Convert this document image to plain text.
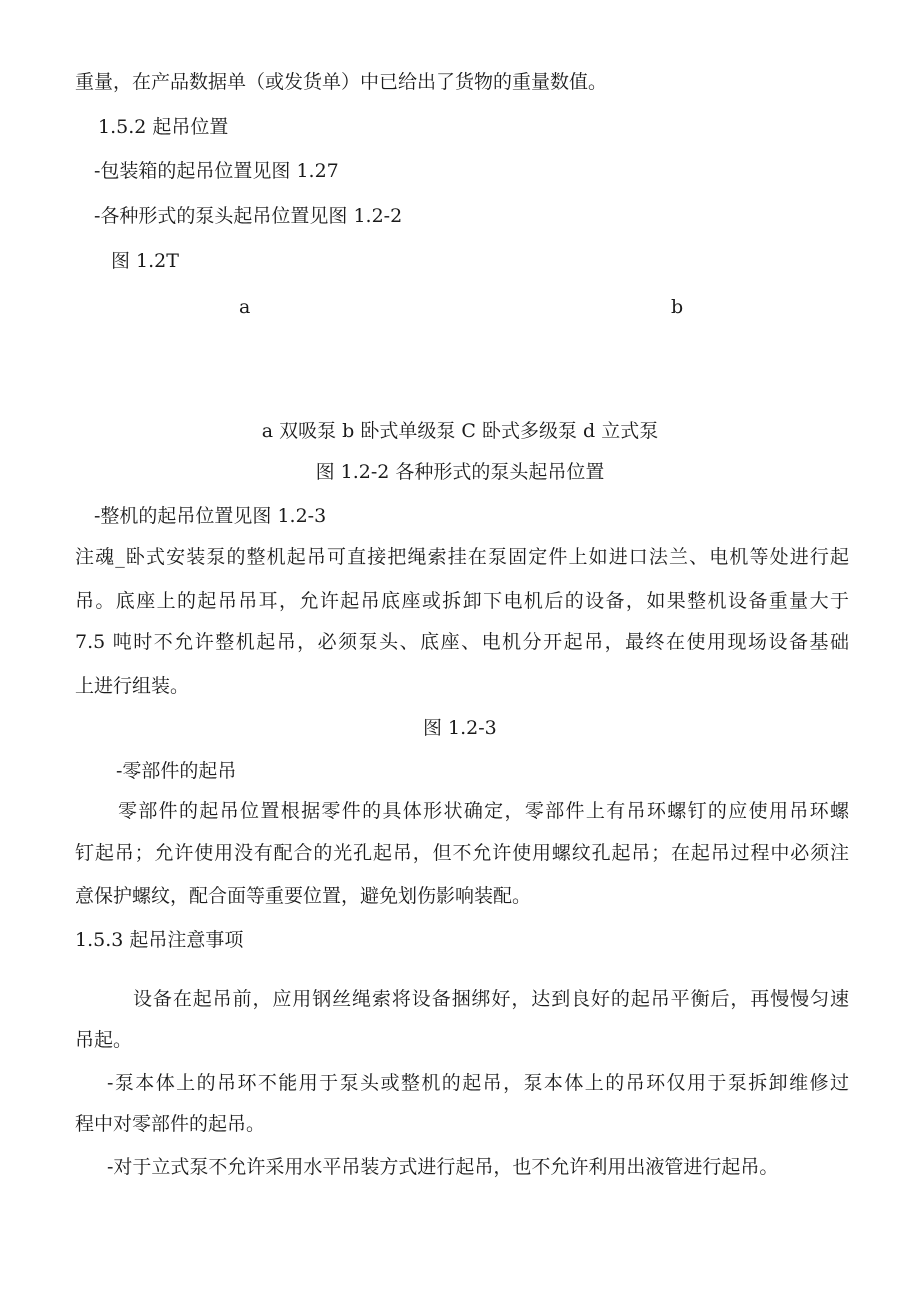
重量，在产品数据单（或发货单）中已给出了货物的重量数值。
1.5.2 起吊位置
-包装箱的起吊位置见图 1.27
-各种形式的泵头起吊位置见图 1.2-2
图 1.2T
a	b
a 双吸泵 b 卧式单级泵 C 卧式多级泵 d 立式泵
图 1.2-2 各种形式的泵头起吊位置
-整机的起吊位置见图 1.2-3
注魂_卧式安装泵的整机起吊可直接把绳索挂在泵固定件上如进口法兰、电机等处进行起
吊。底座上的起吊吊耳，允许起吊底座或拆卸下电机后的设备，如果整机设备重量大于
7.5 吨时不允许整机起吊，必须泵头、底座、电机分开起吊，最终在使用现场设备基础
上进行组装。
图 1.2-3
-零部件的起吊
零部件的起吊位置根据零件的具体形状确定，零部件上有吊环螺钉的应使用吊环螺
钉起吊；允许使用没有配合的光孔起吊，但不允许使用螺纹孔起吊；在起吊过程中必须注
意保护螺纹，配合面等重要位置，避免划伤影响装配。
1.5.3 起吊注意事项
设备在起吊前，应用钢丝绳索将设备捆绑好，达到良好的起吊平衡后，再慢慢匀速
吊起。
-泵本体上的吊环不能用于泵头或整机的起吊，泵本体上的吊环仅用于泵拆卸维修过
程中对零部件的起吊。
-对于立式泵不允许采用水平吊装方式进行起吊，也不允许利用出液管进行起吊。
